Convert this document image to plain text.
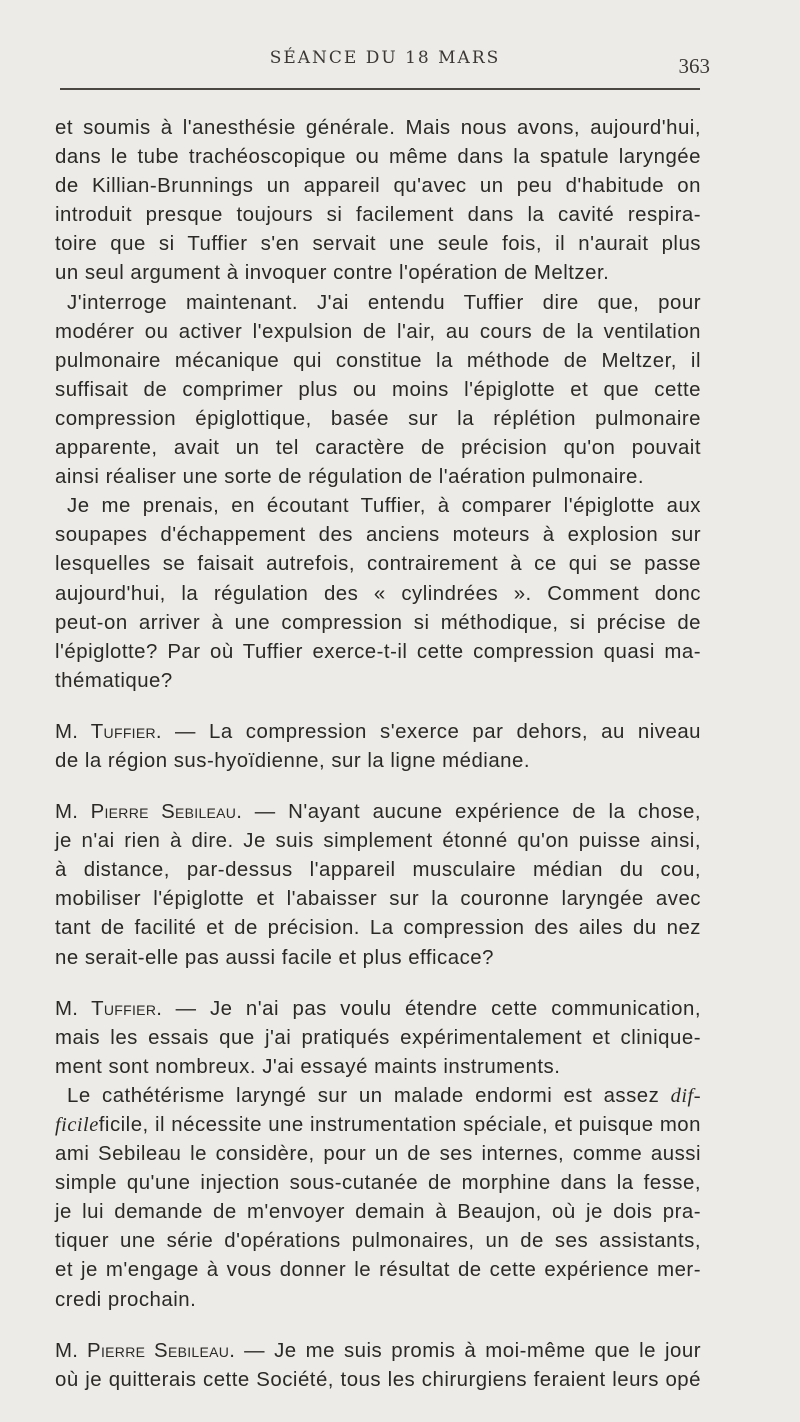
SÉANCE DU 18 MARS	363

et soumis à l'anesthésie générale. Mais nous avons, aujourd'hui,
dans le tube trachéoscopique ou même dans la spatule laryngée
de Killian-Brunnings un appareil qu'avec un peu d'habitude on
introduit presque toujours si facilement dans la cavité respira-
toire que si Tuffier s'en servait une seule fois, il n'aurait plus
un seul argument à invoquer contre l'opération de Meltzer.

J'interroge maintenant. J'ai entendu Tuffier dire que, pour
modérer ou activer l'expulsion de l'air, au cours de la ventilation
pulmonaire mécanique qui constitue la méthode de Meltzer, il
suffisait de comprimer plus ou moins l'épiglotte et que cette
compression épiglottique, basée sur la réplétion pulmonaire
apparente, avait un tel caractère de précision qu'on pouvait
ainsi réaliser une sorte de régulation de l'aération pulmonaire.

Je me prenais, en écoutant Tuffier, à comparer l'épiglotte aux
soupapes d'échappement des anciens moteurs à explosion sur
lesquelles se faisait autrefois, contrairement à ce qui se passe
aujourd'hui, la régulation des « cylindrées ». Comment donc
peut-on arriver à une compression si méthodique, si précise de
l'épiglotte? Par où Tuffier exerce-t-il cette compression quasi ma-
thématique?

M. Tuffier. — La compression s'exerce par dehors, au niveau
de la région sus-hyoïdienne, sur la ligne médiane.

M. Pierre Sebileau. — N'ayant aucune expérience de la chose,
je n'ai rien à dire. Je suis simplement étonné qu'on puisse ainsi,
à distance, par-dessus l'appareil musculaire médian du cou,
mobiliser l'épiglotte et l'abaisser sur la couronne laryngée avec
tant de facilité et de précision. La compression des ailes du nez
ne serait-elle pas aussi facile et plus efficace?

M. Tuffier. — Je n'ai pas voulu étendre cette communication,
mais les essais que j'ai pratiqués expérimentalement et clinique-
ment sont nombreux. J'ai essayé maints instruments.

Le cathétérisme laryngé sur un malade endormi est assez dif-
ficileficile, il nécessite une instrumentation spéciale, et puisque mon
ami Sebileau le considère, pour un de ses internes, comme aussi
simple qu'une injection sous-cutanée de morphine dans la fesse,
je lui demande de m'envoyer demain à Beaujon, où je dois pra-
tiquer une série d'opérations pulmonaires, un de ses assistants,
et je m'engage à vous donner le résultat de cette expérience mer-
credi prochain.

M. Pierre Sebileau. — Je me suis promis à moi-même que le jour
où je quitterais cette Société, tous les chirurgiens feraient leurs opé
